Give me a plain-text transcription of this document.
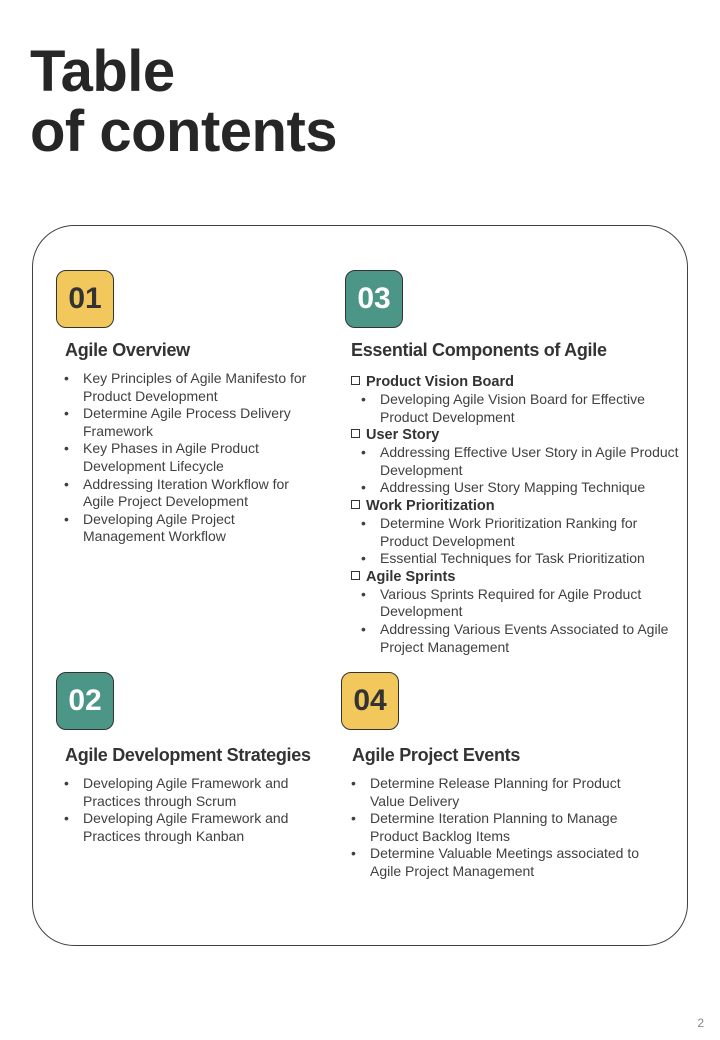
Table
of contents
01
Agile Overview
• Key Principles of Agile Manifesto for Product Development
• Determine Agile Process Delivery Framework
• Key Phases in Agile Product Development Lifecycle
• Addressing Iteration Workflow for Agile Project Development
• Developing Agile Project Management Workflow
03
Essential Components of Agile
Product Vision Board
• Developing Agile Vision Board for Effective Product Development
User Story
• Addressing Effective User Story in Agile Product Development
• Addressing User Story Mapping Technique
Work Prioritization
• Determine Work Prioritization Ranking for Product Development
• Essential Techniques for Task Prioritization
Agile Sprints
• Various Sprints Required for Agile Product Development
• Addressing Various Events Associated to Agile Project Management
02
Agile Development Strategies
• Developing Agile Framework and Practices through Scrum
• Developing Agile Framework and Practices through Kanban
04
Agile Project Events
• Determine Release Planning for Product Value Delivery
• Determine Iteration Planning to Manage Product Backlog Items
• Determine Valuable Meetings associated to Agile Project Management
2
